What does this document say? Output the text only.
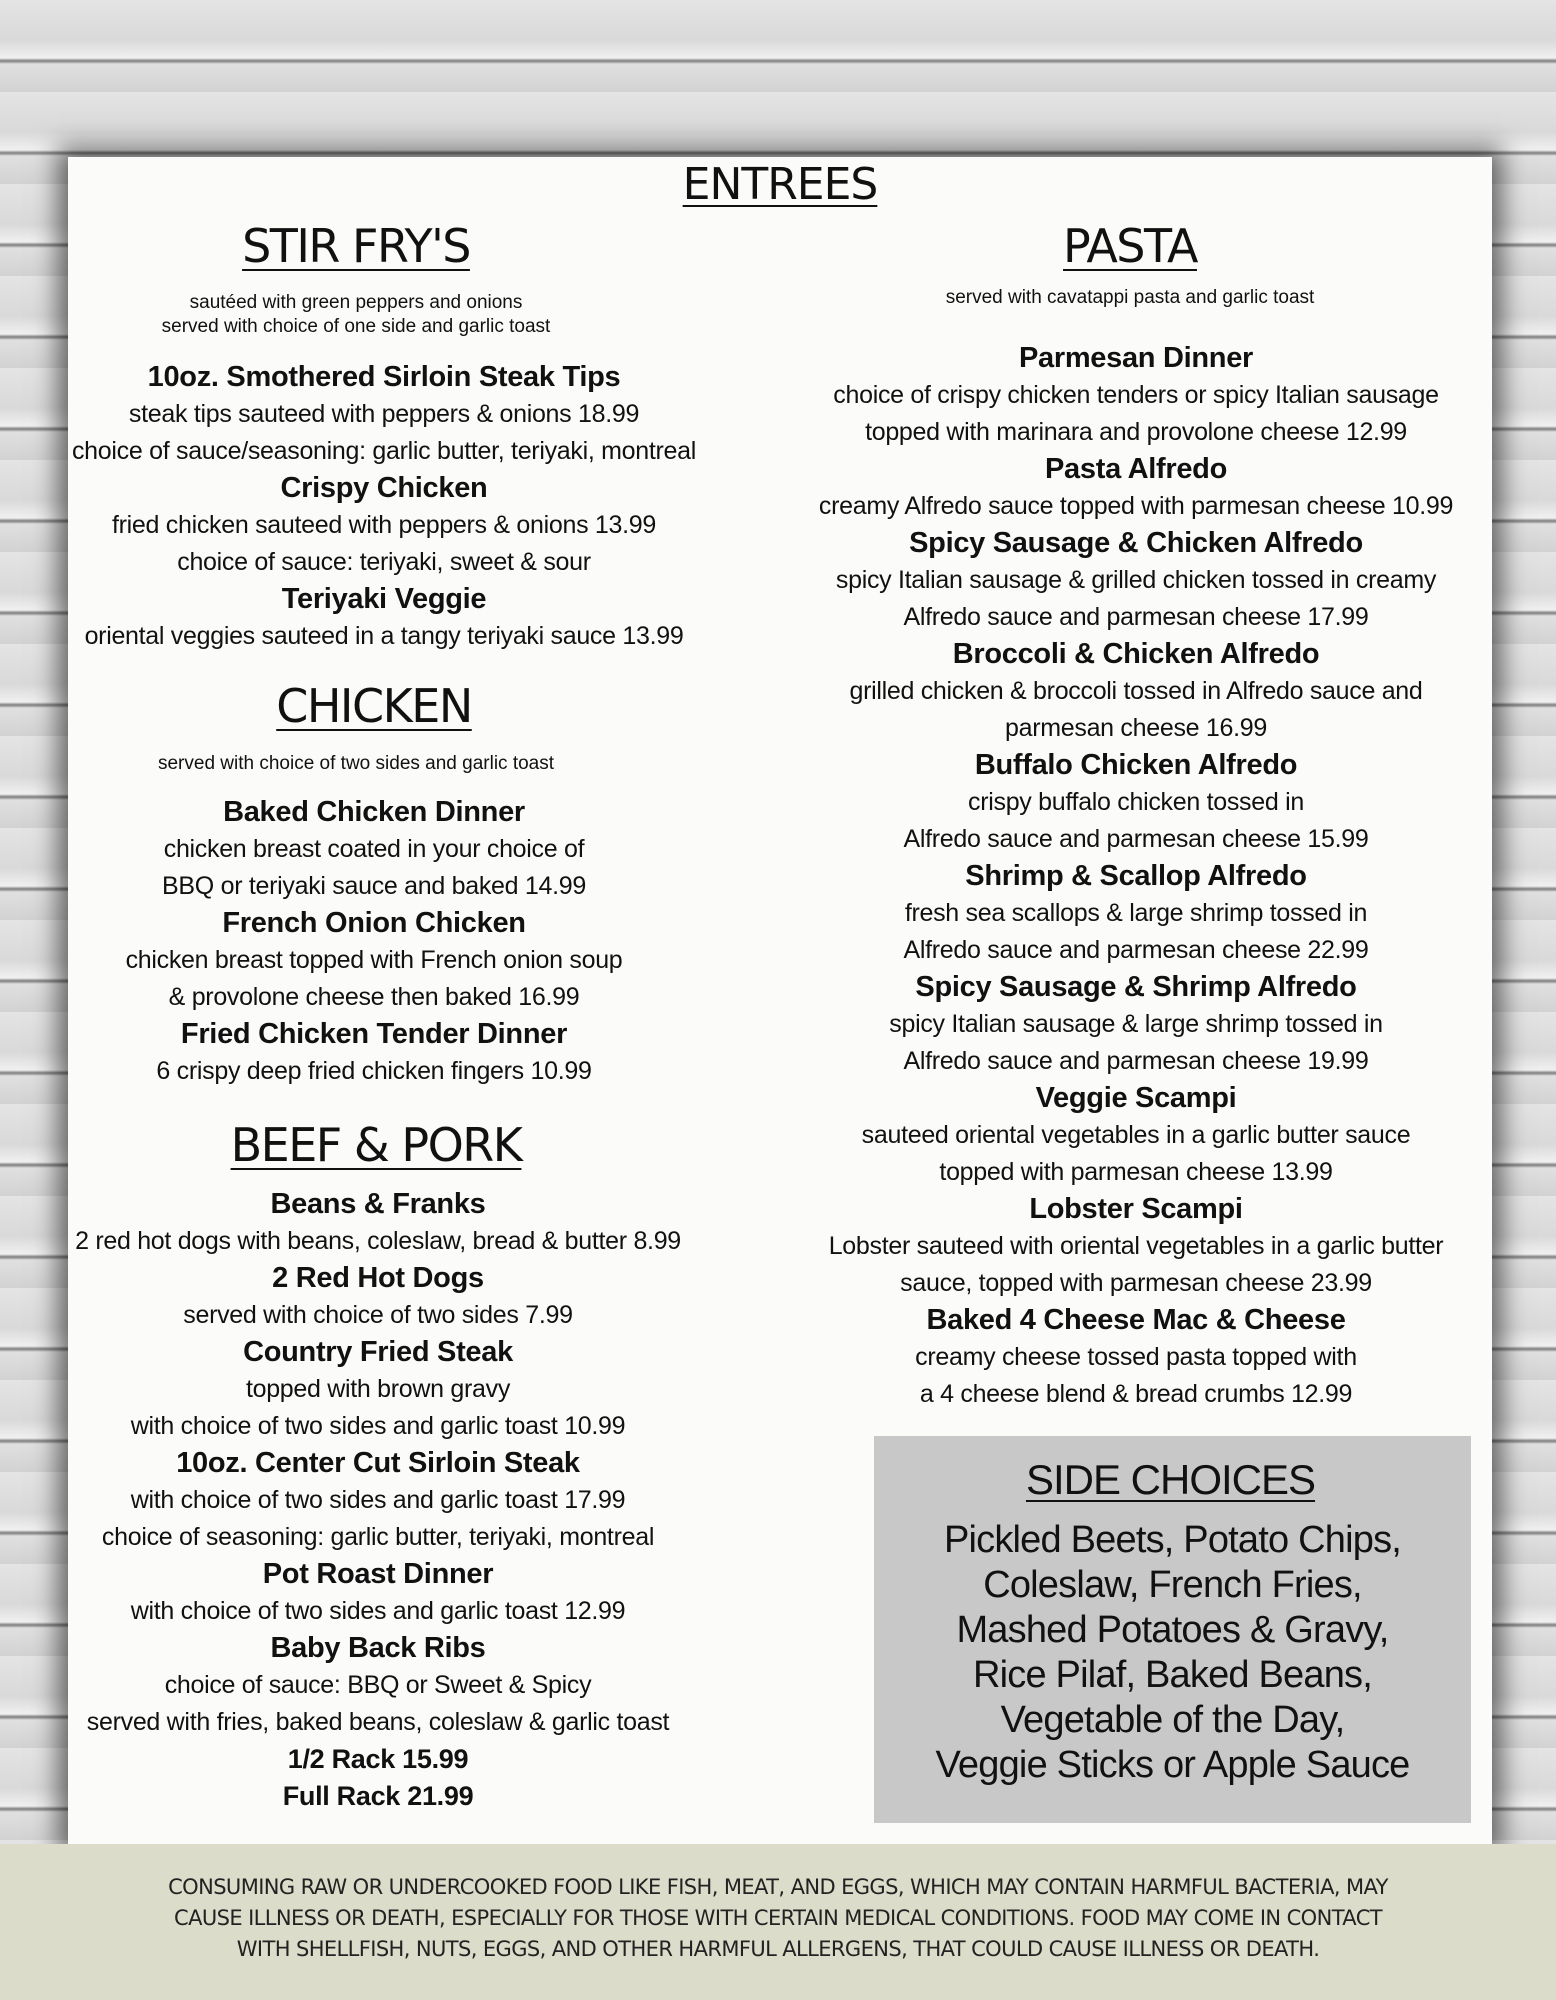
ENTREES

STIR FRY'S

sautéed with green peppers and onions

served with choice of one side and garlic toast

10oz. Smothered Sirloin Steak Tips

steak tips sauteed with peppers & onions 18.99

choice of sauce/seasoning: garlic butter, teriyaki, montreal

Crispy Chicken

fried chicken sauteed with peppers & onions 13.99

choice of sauce: teriyaki, sweet & sour

Teriyaki Veggie

oriental veggies sauteed in a tangy teriyaki sauce 13.99

CHICKEN

served with choice of two sides and garlic toast

Baked Chicken Dinner

chicken breast coated in your choice of

BBQ or teriyaki sauce and baked 14.99

French Onion Chicken

chicken breast topped with French onion soup

& provolone cheese then baked 16.99

Fried Chicken Tender Dinner

6 crispy deep fried chicken fingers 10.99

BEEF & PORK

Beans & Franks

2 red hot dogs with beans, coleslaw, bread & butter 8.99

2 Red Hot Dogs

served with choice of two sides 7.99

Country Fried Steak

topped with brown gravy

with choice of two sides and garlic toast 10.99

10oz. Center Cut Sirloin Steak

with choice of two sides and garlic toast 17.99

choice of seasoning: garlic butter, teriyaki, montreal

Pot Roast Dinner

with choice of two sides and garlic toast 12.99

Baby Back Ribs

choice of sauce: BBQ or Sweet & Spicy

served with fries, baked beans, coleslaw & garlic toast

1/2 Rack 15.99

Full Rack 21.99

PASTA

served with cavatappi pasta and garlic toast

Parmesan Dinner

choice of crispy chicken tenders or spicy Italian sausage

topped with marinara and provolone cheese 12.99

Pasta Alfredo

creamy Alfredo sauce topped with parmesan cheese 10.99

Spicy Sausage & Chicken Alfredo

spicy Italian sausage & grilled chicken tossed in creamy

Alfredo sauce and parmesan cheese 17.99

Broccoli & Chicken Alfredo

grilled chicken & broccoli tossed in Alfredo sauce and

parmesan cheese 16.99

Buffalo Chicken Alfredo

crispy buffalo chicken tossed in

Alfredo sauce and parmesan cheese 15.99

Shrimp & Scallop Alfredo

fresh sea scallops & large shrimp tossed in

Alfredo sauce and parmesan cheese 22.99

Spicy Sausage & Shrimp Alfredo

spicy Italian sausage & large shrimp tossed in

Alfredo sauce and parmesan cheese 19.99

Veggie Scampi

sauteed oriental vegetables in a garlic butter sauce

topped with parmesan cheese 13.99

Lobster Scampi

Lobster sauteed with oriental vegetables in a garlic butter

sauce, topped with parmesan cheese 23.99

Baked 4 Cheese Mac & Cheese

creamy cheese tossed pasta topped with

a 4 cheese blend & bread crumbs 12.99

SIDE CHOICES

Pickled Beets, Potato Chips,

Coleslaw, French Fries,

Mashed Potatoes & Gravy,

Rice Pilaf, Baked Beans,

Vegetable of the Day,

Veggie Sticks or Apple Sauce

CONSUMING RAW OR UNDERCOOKED FOOD LIKE FISH, MEAT, AND EGGS, WHICH MAY CONTAIN HARMFUL BACTERIA, MAY

CAUSE ILLNESS OR DEATH, ESPECIALLY FOR THOSE WITH CERTAIN MEDICAL CONDITIONS. FOOD MAY COME IN CONTACT

WITH SHELLFISH, NUTS, EGGS, AND OTHER HARMFUL ALLERGENS, THAT COULD CAUSE ILLNESS OR DEATH.
